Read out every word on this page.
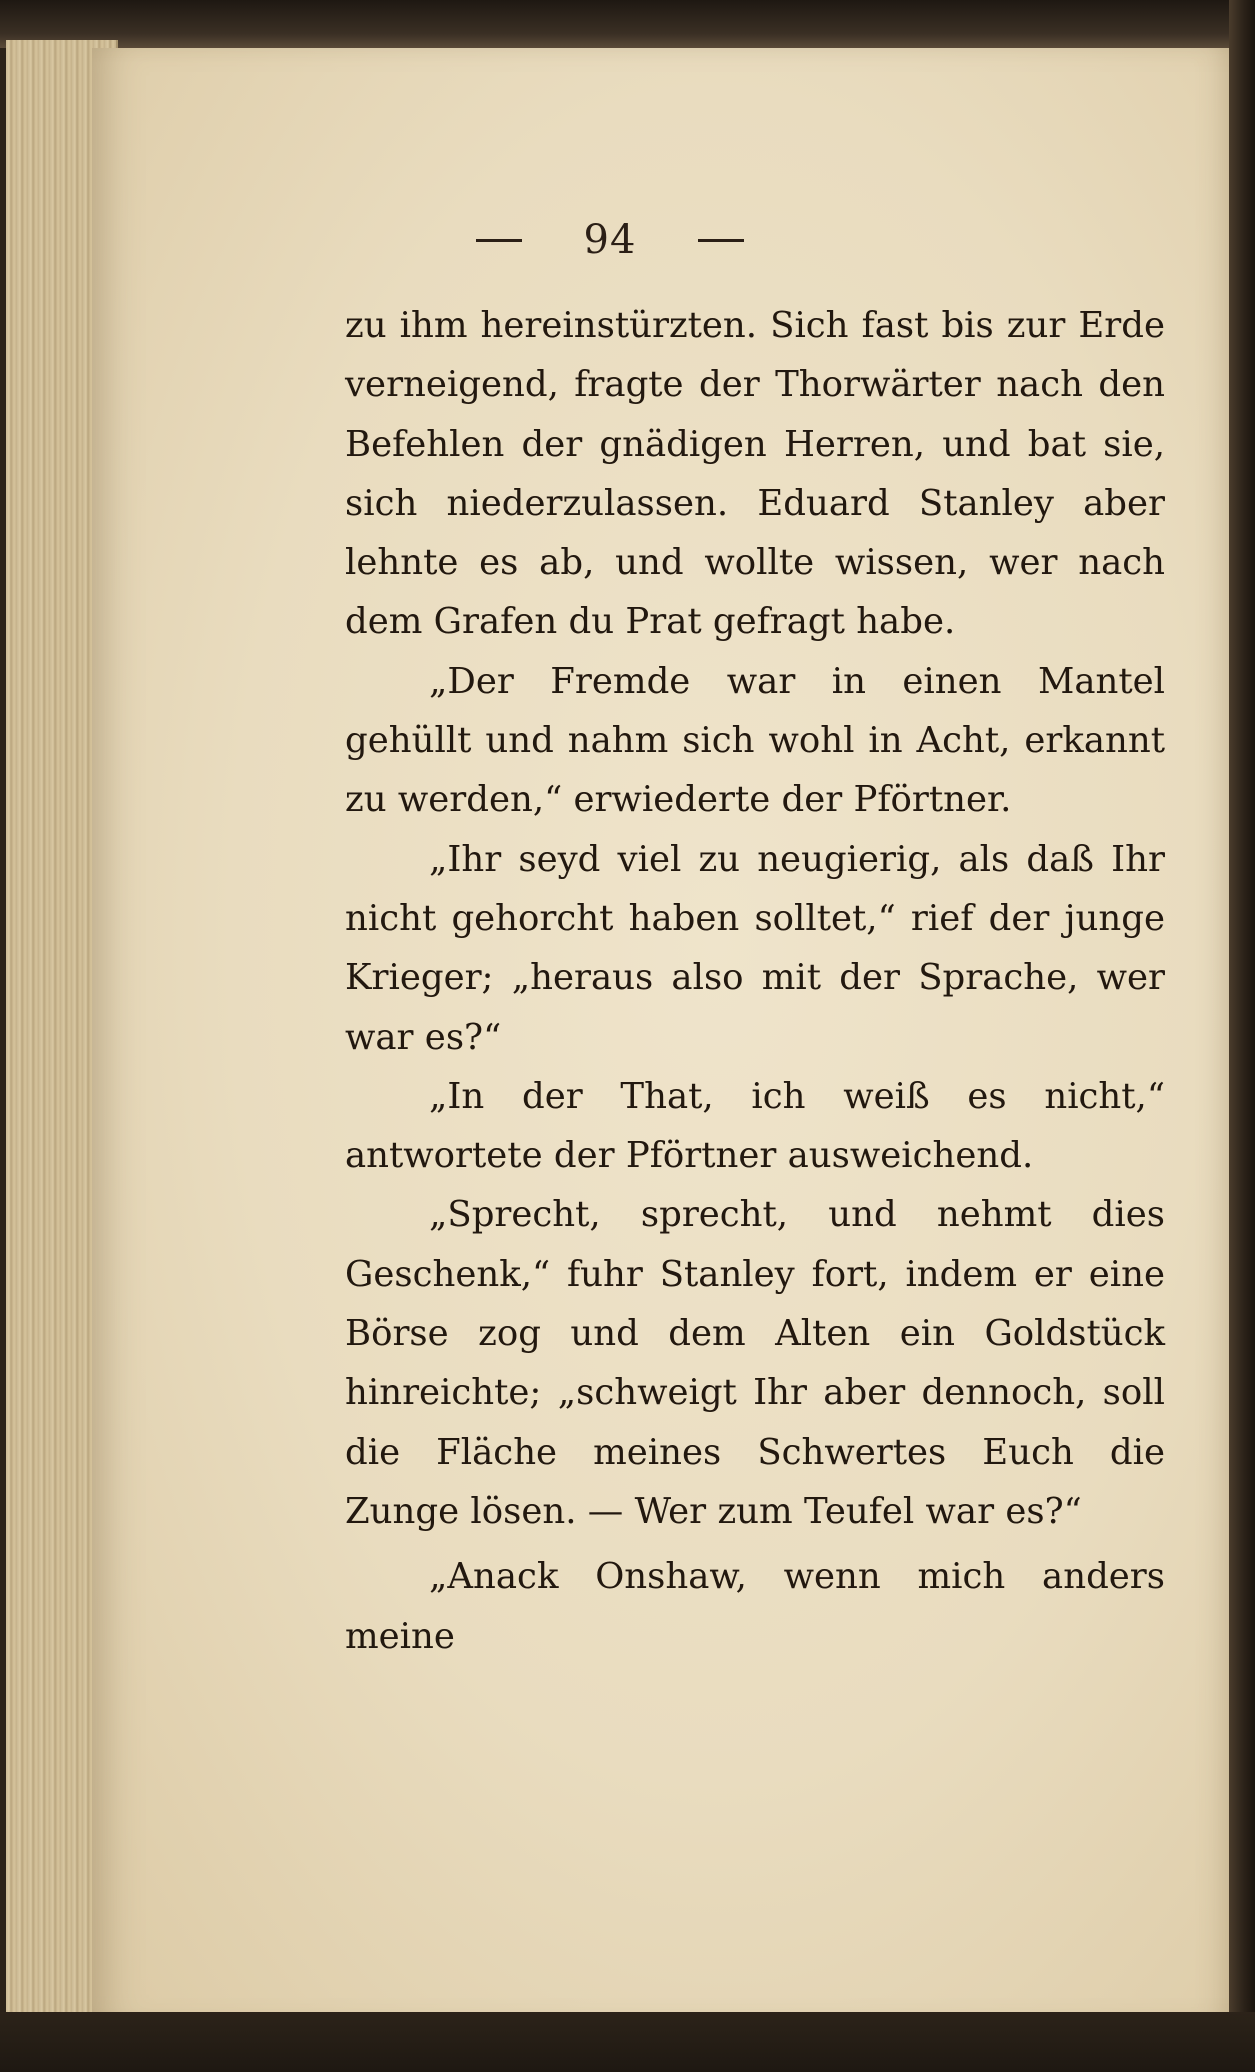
94

zu ihm hereinstürzten. Sich fast bis zur Erde verneigend, fragte der Thorwärter nach den Befehlen der gnädigen Herren, und bat sie, sich niederzulassen. Eduard Stanley aber lehnte es ab, und wollte wissen, wer nach dem Grafen du Prat gefragt habe.

„Der Fremde war in einen Mantel gehüllt und nahm sich wohl in Acht, erkannt zu werden,“ erwiederte der Pförtner.

„Ihr seyd viel zu neugierig, als daß Ihr nicht gehorcht haben solltet,“ rief der junge Krieger; „heraus also mit der Sprache, wer war es?“

„In der That, ich weiß es nicht,“ antwortete der Pförtner ausweichend.

„Sprecht, sprecht, und nehmt dies Geschenk,“ fuhr Stanley fort, indem er eine Börse zog und dem Alten ein Goldstück hinreichte; „schweigt Ihr aber dennoch, soll die Fläche meines Schwertes Euch die Zunge lösen. — Wer zum Teufel war es?“

„Anack Onshaw, wenn mich anders meine
